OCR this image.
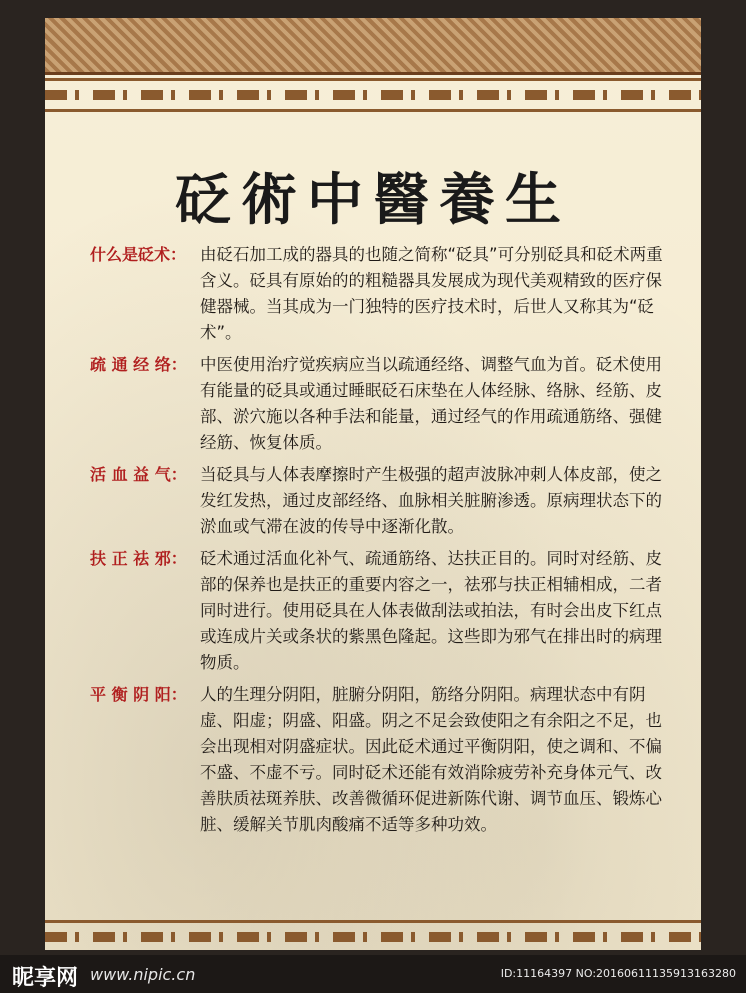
砭術中醫養生
什么是砭术： 由砭石加工成的器具的也随之简称“砭具”可分别砭具和砭术两重含义。砭具有原始的的粗糙器具发展成为现代美观精致的医疗保健器械。当其成为一门独特的医疗技术时，后世人又称其为“砭术”。
疏 通 经 络： 中医使用治疗觉疾病应当以疏通经络、调整气血为首。砭术使用有能量的砭具或通过睡眠砭石床垫在人体经脉、络脉、经筋、皮部、淤穴施以各种手法和能量，通过经气的作用疏通筋络、强健经筋、恢复体质。
活 血 益 气： 当砭具与人体表摩擦时产生极强的超声波脉冲刺人体皮部，使之发红发热，通过皮部经络、血脉相关脏腑渗透。原病理状态下的淤血或气滞在波的传导中逐渐化散。
扶 正 祛 邪： 砭术通过活血化补气、疏通筋络、达扶正目的。同时对经筋、皮部的保养也是扶正的重要内容之一，祛邪与扶正相辅相成，二者同时进行。使用砭具在人体表做刮法或拍法，有时会出皮下红点或连成片关或条状的紫黑色隆起。这些即为邪气在排出时的病理物质。
平 衡 阴 阳： 人的生理分阴阳，脏腑分阴阳，筋络分阴阳。病理状态中有阴虚、阳虚；阴盛、阳盛。阴之不足会致使阳之有余阳之不足，也会出现相对阴盛症状。因此砭术通过平衡阴阳，使之调和、不偏不盛、不虚不亏。同时砭术还能有效消除疲劳补充身体元气、改善肤质祛斑养肤、改善微循环促进新陈代谢、调节血压、锻炼心脏、缓解关节肌肉酸痛不适等多种功效。
昵享网 www.nipic.cn	ID:11164397 NO:20160611135913163280
